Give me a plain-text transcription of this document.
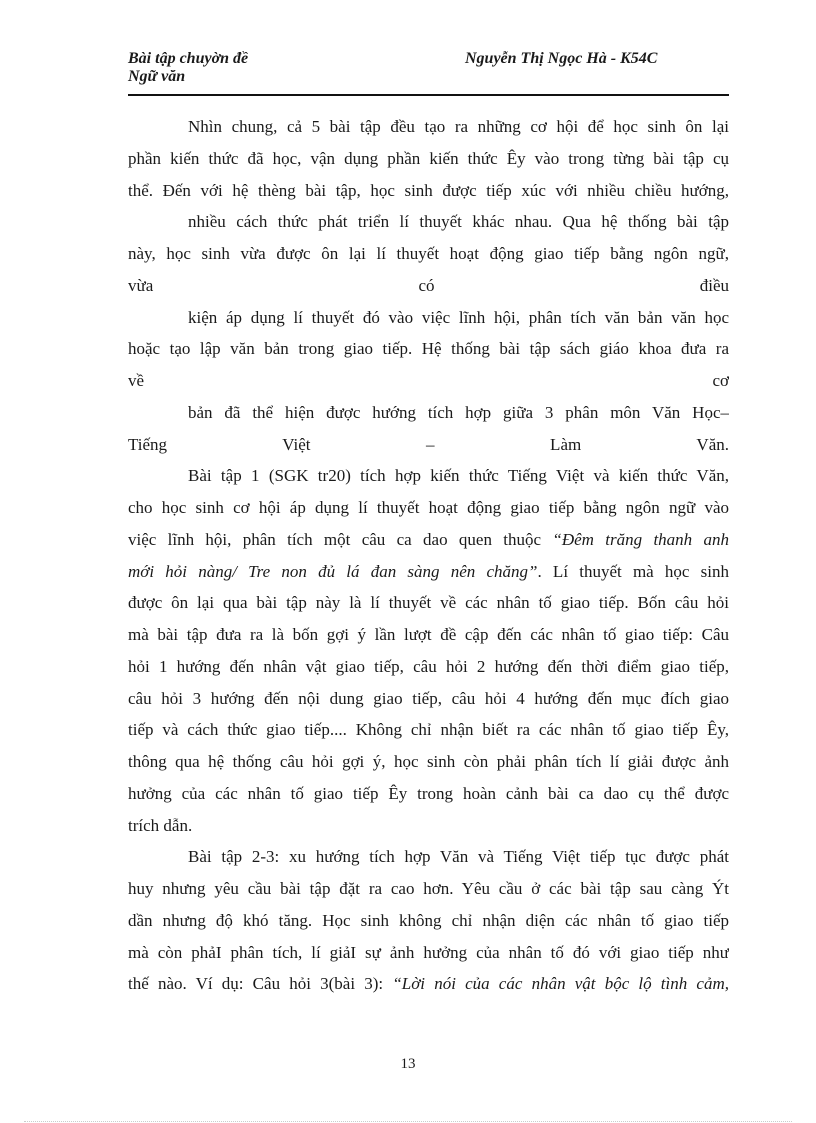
Bài tập chuyờn đề
Ngữ văn
Nguyễn Thị Ngọc Hà - K54C
Nhìn chung, cả 5 bài tập đều tạo ra những cơ hội để học sinh ôn lại
phần kiến thức đã học, vận dụng phần kiến thức Êy vào trong từng bài tập cụ
thể. Đến với hệ thèng bài tập, học sinh được tiếp xúc với nhiều chiều hướng,
nhiều cách thức phát triển lí thuyết khác nhau. Qua hệ thống bài tập
này, học sinh vừa được ôn lại lí thuyết hoạt động giao tiếp bằng ngôn ngữ,
vừa có điều
kiện áp dụng lí thuyết đó vào việc lĩnh hội, phân tích văn bản văn học
hoặc tạo lập văn bản trong giao tiếp. Hệ thống bài tập sách giáo khoa đưa ra
về cơ
bản đã thể hiện được hướng tích hợp giữa 3 phân môn Văn Học–
Tiếng Việt – Làm Văn.
Bài tập 1 (SGK tr20) tích hợp kiến thức Tiếng Việt và kiến thức Văn,
cho học sinh cơ hội áp dụng lí thuyết hoạt động giao tiếp bằng ngôn ngữ vào
việc lĩnh hội, phân tích một câu ca dao quen thuộc “Đêm trăng thanh anh
mới hỏi nàng/ Tre non đủ lá đan sàng nên chăng”. Lí thuyết mà học sinh
được ôn lại qua bài tập này là lí thuyết về các nhân tố giao tiếp. Bốn câu hỏi
mà bài tập đưa ra là bốn gợi ý lần lượt đề cập đến các nhân tố giao tiếp: Câu
hỏi 1 hướng đến nhân vật giao tiếp, câu hỏi 2 hướng đến thời điểm giao tiếp,
câu hỏi 3 hướng đến nội dung giao tiếp, câu hỏi 4 hướng đến mục đích giao
tiếp và cách thức giao tiếp.... Không chỉ nhận biết ra các nhân tố giao tiếp Êy,
thông qua hệ thống câu hỏi gợi ý, học sinh còn phải phân tích lí giải được ảnh
hưởng của các nhân tố giao tiếp Êy trong hoàn cảnh bài ca dao cụ thể được
trích dẫn.
Bài tập 2-3: xu hướng tích hợp Văn và Tiếng Việt tiếp tục được phát
huy nhưng yêu cầu bài tập đặt ra cao hơn. Yêu cầu ở các bài tập sau càng Ýt
dần nhưng độ khó tăng. Học sinh không chỉ nhận diện các nhân tố giao tiếp
mà còn phảI phân tích, lí giảI sự ảnh hưởng của nhân tố đó với giao tiếp như
thế nào. Ví dụ: Câu hỏi 3(bài 3): “Lời nói của các nhân vật bộc lộ tình cảm,
13
